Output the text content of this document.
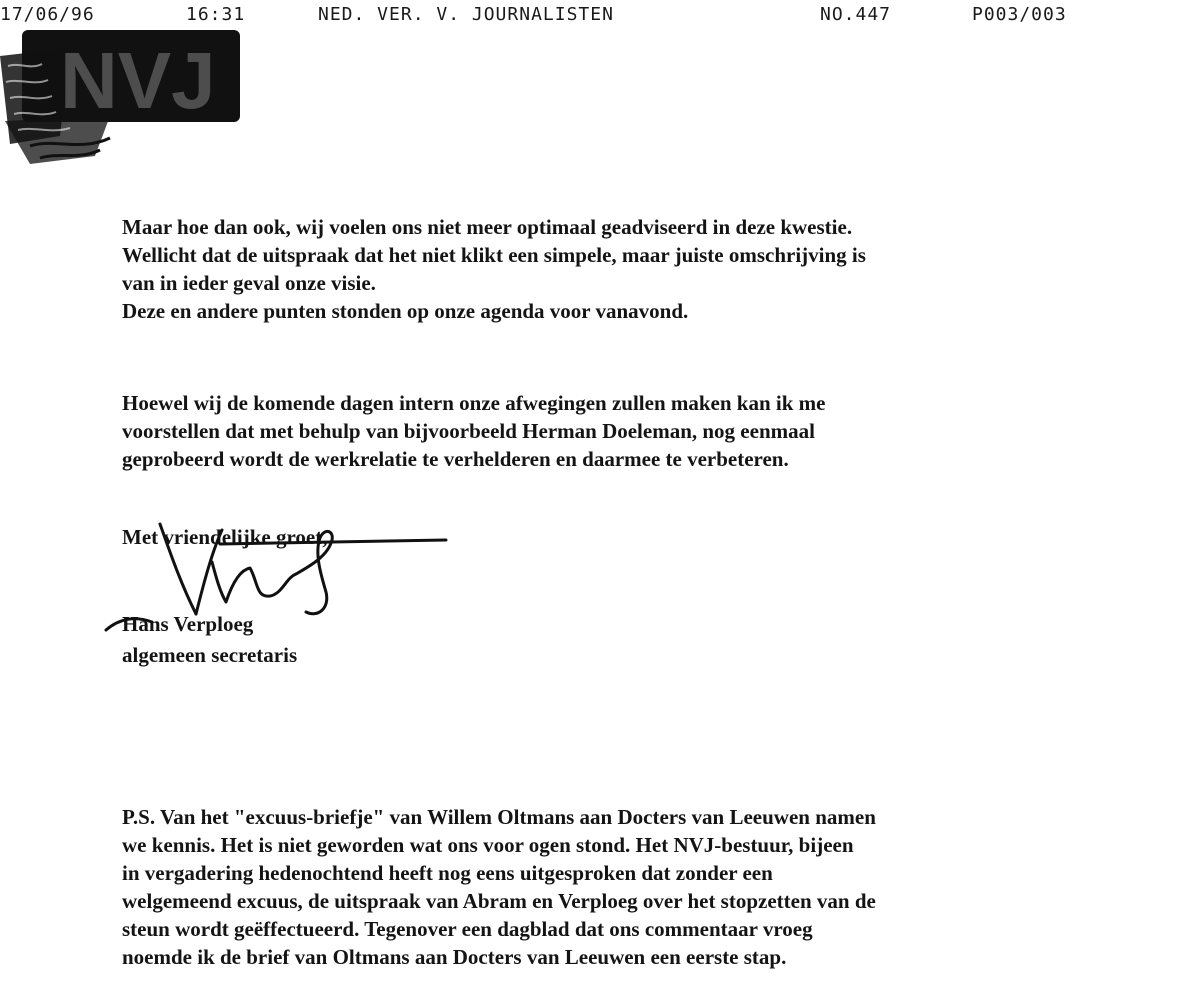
17/06/96	16:31	NED. VER. V. JOURNALISTEN	NO.447	P003/003
NVJ
Maar hoe dan ook, wij voelen ons niet meer optimaal geadviseerd in deze kwestie.
Wellicht dat de uitspraak dat het niet klikt een simpele, maar juiste omschrijving is
van in ieder geval onze visie.
Deze en andere punten stonden op onze agenda voor vanavond.
Hoewel wij de komende dagen intern onze afwegingen zullen maken kan ik me
voorstellen dat met behulp van bijvoorbeeld Herman Doeleman, nog eenmaal
geprobeerd wordt de werkrelatie te verhelderen en daarmee te verbeteren.
Met vriendelijke groet,
Hans Verploeg
algemeen secretaris
P.S. Van het "excuus-briefje" van Willem Oltmans aan Docters van Leeuwen namen
we kennis. Het is niet geworden wat ons voor ogen stond. Het NVJ-bestuur, bijeen
in vergadering hedenochtend heeft nog eens uitgesproken dat zonder een
welgemeend excuus, de uitspraak van Abram en Verploeg over het stopzetten van de
steun wordt geëffectueerd. Tegenover een dagblad dat ons commentaar vroeg
noemde ik de brief van Oltmans aan Docters van Leeuwen een eerste stap.
